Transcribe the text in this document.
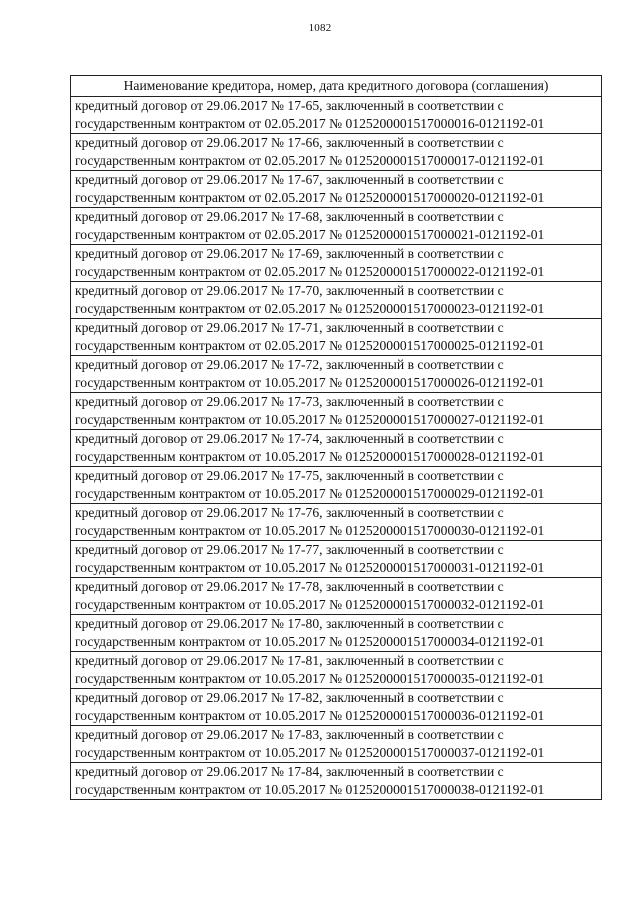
1082
Наименование кредитора, номер, дата кредитного договора (соглашения)

кредитный договор от 29.06.2017 № 17-65, заключенный в соответствии с
государственным контрактом от 02.05.2017 № 0125200001517000016-0121192-01

кредитный договор от 29.06.2017 № 17-66, заключенный в соответствии с
государственным контрактом от 02.05.2017 № 0125200001517000017-0121192-01

кредитный договор от 29.06.2017 № 17-67, заключенный в соответствии с
государственным контрактом от 02.05.2017 № 0125200001517000020-0121192-01

кредитный договор от 29.06.2017 № 17-68, заключенный в соответствии с
государственным контрактом от 02.05.2017 № 0125200001517000021-0121192-01

кредитный договор от 29.06.2017 № 17-69, заключенный в соответствии с
государственным контрактом от 02.05.2017 № 0125200001517000022-0121192-01

кредитный договор от 29.06.2017 № 17-70, заключенный в соответствии с
государственным контрактом от 02.05.2017 № 0125200001517000023-0121192-01

кредитный договор от 29.06.2017 № 17-71, заключенный в соответствии с
государственным контрактом от 02.05.2017 № 0125200001517000025-0121192-01

кредитный договор от 29.06.2017 № 17-72, заключенный в соответствии с
государственным контрактом от 10.05.2017 № 0125200001517000026-0121192-01

кредитный договор от 29.06.2017 № 17-73, заключенный в соответствии с
государственным контрактом от 10.05.2017 № 0125200001517000027-0121192-01

кредитный договор от 29.06.2017 № 17-74, заключенный в соответствии с
государственным контрактом от 10.05.2017 № 0125200001517000028-0121192-01

кредитный договор от 29.06.2017 № 17-75, заключенный в соответствии с
государственным контрактом от 10.05.2017 № 0125200001517000029-0121192-01

кредитный договор от 29.06.2017 № 17-76, заключенный в соответствии с
государственным контрактом от 10.05.2017 № 0125200001517000030-0121192-01

кредитный договор от 29.06.2017 № 17-77, заключенный в соответствии с
государственным контрактом от 10.05.2017 № 0125200001517000031-0121192-01

кредитный договор от 29.06.2017 № 17-78, заключенный в соответствии с
государственным контрактом от 10.05.2017 № 0125200001517000032-0121192-01

кредитный договор от 29.06.2017 № 17-80, заключенный в соответствии с
государственным контрактом от 10.05.2017 № 0125200001517000034-0121192-01

кредитный договор от 29.06.2017 № 17-81, заключенный в соответствии с
государственным контрактом от 10.05.2017 № 0125200001517000035-0121192-01

кредитный договор от 29.06.2017 № 17-82, заключенный в соответствии с
государственным контрактом от 10.05.2017 № 0125200001517000036-0121192-01

кредитный договор от 29.06.2017 № 17-83, заключенный в соответствии с
государственным контрактом от 10.05.2017 № 0125200001517000037-0121192-01

кредитный договор от 29.06.2017 № 17-84, заключенный в соответствии с
государственным контрактом от 10.05.2017 № 0125200001517000038-0121192-01
